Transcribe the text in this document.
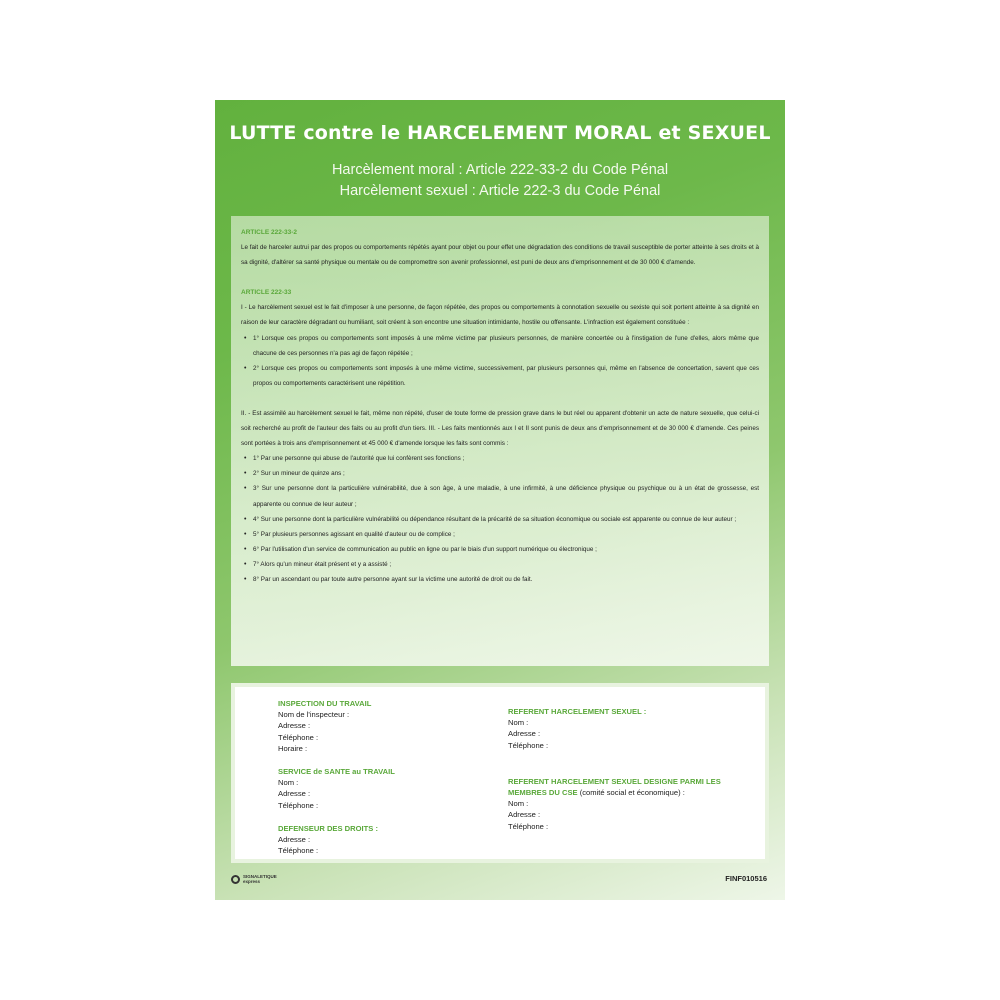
LUTTE contre le HARCELEMENT MORAL et SEXUEL
Harcèlement moral : Article 222-33-2 du Code Pénal
Harcèlement sexuel : Article 222-3 du Code Pénal
ARTICLE 222-33-2

Le fait de harceler autrui par des propos ou comportements répétés ayant pour objet ou pour effet une dégradation des conditions de travail susceptible de porter atteinte à ses droits et à sa dignité, d'altérer sa santé physique ou mentale ou de compromettre son avenir professionnel, est puni de deux ans d'emprisonnement et de 30 000 € d'amende.

ARTICLE 222-33

I - Le harcèlement sexuel est le fait d'imposer à une personne, de façon répétée, des propos ou comportements à connotation sexuelle ou sexiste qui soit portent atteinte à sa dignité en raison de leur caractère dégradant ou humiliant, soit créent à son encontre une situation intimidante, hostile ou offensante. L'infraction est également constituée :

• 1° Lorsque ces propos ou comportements sont imposés à une même victime par plusieurs personnes, de manière concertée ou à l'instigation de l'une d'elles, alors même que chacune de ces personnes n'a pas agi de façon répétée ;
• 2° Lorsque ces propos ou comportements sont imposés à une même victime, successivement, par plusieurs personnes qui, même en l'absence de concertation, savent que ces propos ou comportements caractérisent une répétition.

II. - Est assimilé au harcèlement sexuel le fait, même non répété, d'user de toute forme de pression grave dans le but réel ou apparent d'obtenir un acte de nature sexuelle, que celui-ci soit recherché au profit de l'auteur des faits ou au profit d'un tiers. III. - Les faits mentionnés aux I et II sont punis de deux ans d'emprisonnement et de 30 000 € d'amende. Ces peines sont portées à trois ans d'emprisonnement et 45 000 € d'amende lorsque les faits sont commis :

• 1° Par une personne qui abuse de l'autorité que lui confèrent ses fonctions ;
• 2° Sur un mineur de quinze ans ;
• 3° Sur une personne dont la particulière vulnérabilité, due à son âge, à une maladie, à une infirmité, à une déficience physique ou psychique ou à un état de grossesse, est apparente ou connue de leur auteur ;
• 4° Sur une personne dont la particulière vulnérabilité ou dépendance résultant de la précarité de sa situation économique ou sociale est apparente ou connue de leur auteur ;
• 5° Par plusieurs personnes agissant en qualité d'auteur ou de complice ;
• 6° Par l'utilisation d'un service de communication au public en ligne ou par le biais d'un support numérique ou électronique ;
• 7° Alors qu'un mineur était présent et y a assisté ;
• 8° Par un ascendant ou par toute autre personne ayant sur la victime une autorité de droit ou de fait.
INSPECTION DU TRAVAIL
Nom de l'inspecteur :
Adresse :
Téléphone :
Horaire :
SERVICE de SANTE au TRAVAIL
Nom :
Adresse :
Téléphone :
DEFENSEUR DES DROITS :
Adresse :
Téléphone :
REFERENT HARCELEMENT SEXUEL :
Nom :
Adresse :
Téléphone :
REFERENT HARCELEMENT SEXUEL DESIGNE PARMI LES MEMBRES DU CSE (comité social et économique) :
Nom :
Adresse :
Téléphone :
SIGNALETIQUE
express	FINF010516
